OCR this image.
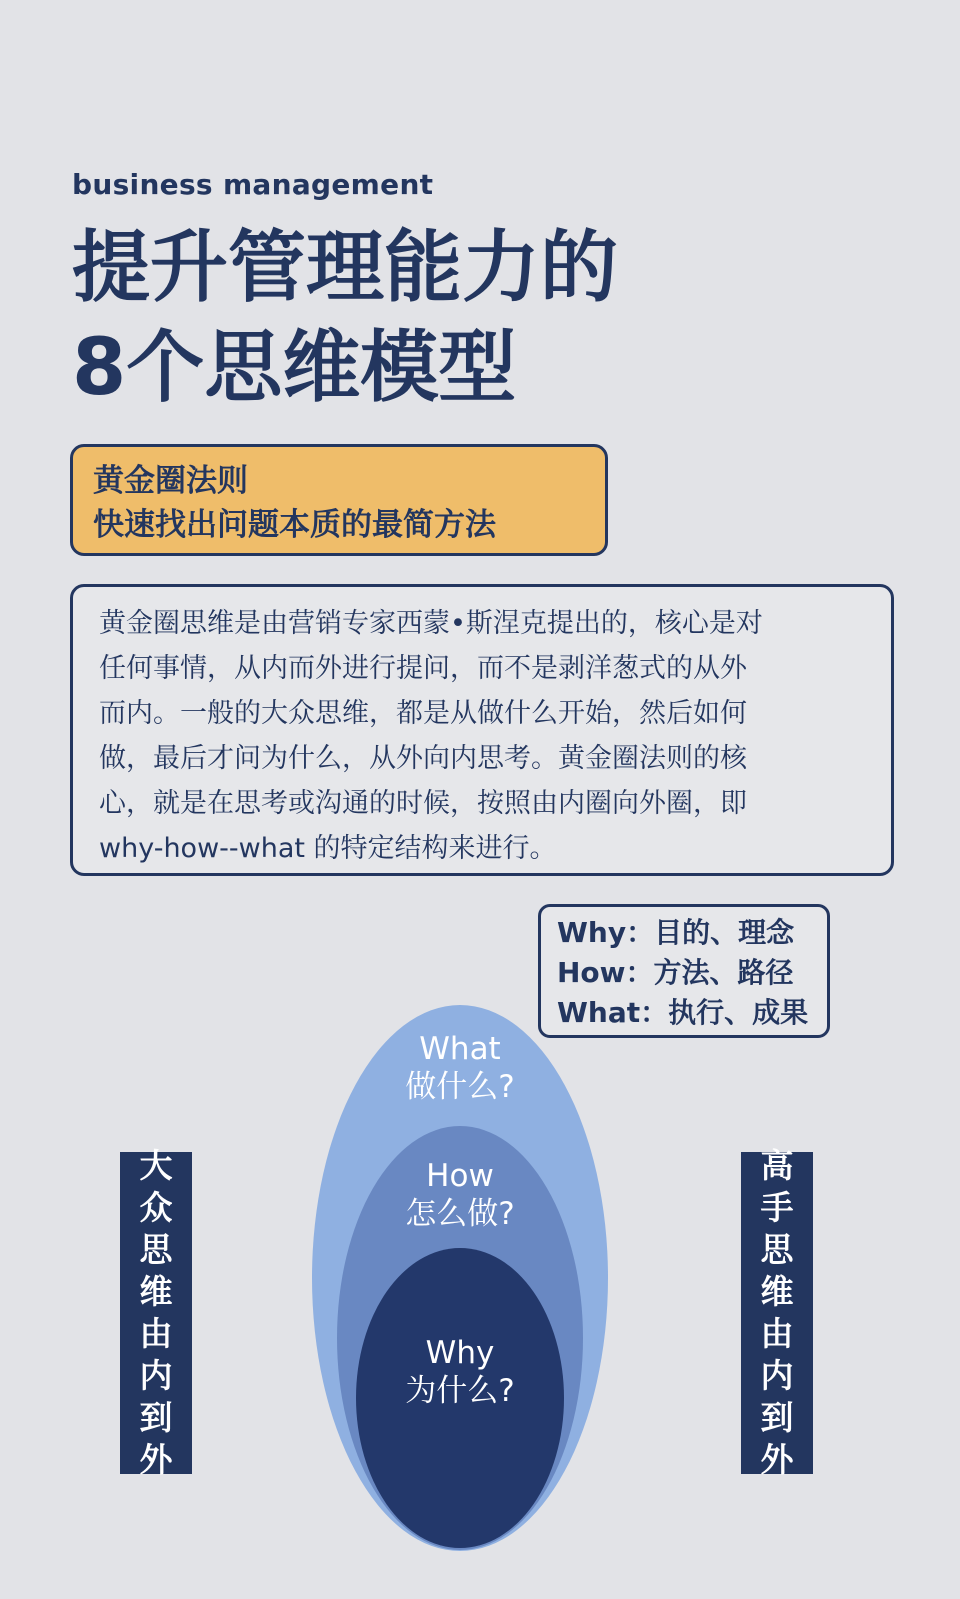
business management
提升管理能力的
8个思维模型
黄金圈法则
快速找出问题本质的最简方法
黄金圈思维是由营销专家西蒙•斯涅克提出的，核心是对
任何事情，从内而外进行提问，而不是剥洋葱式的从外
而内。一般的大众思维，都是从做什么开始，然后如何
做，最后才问为什么，从外向内思考。黄金圈法则的核
心，就是在思考或沟通的时候，按照由内圈向外圈，即
why-how--what 的特定结构来进行。
Why：目的、理念
How：方法、路径
What：执行、成果
What
做什么?
How
怎么做?
Why
为什么?
大
众
思
维
由
内
到
外
高
手
思
维
由
内
到
外
